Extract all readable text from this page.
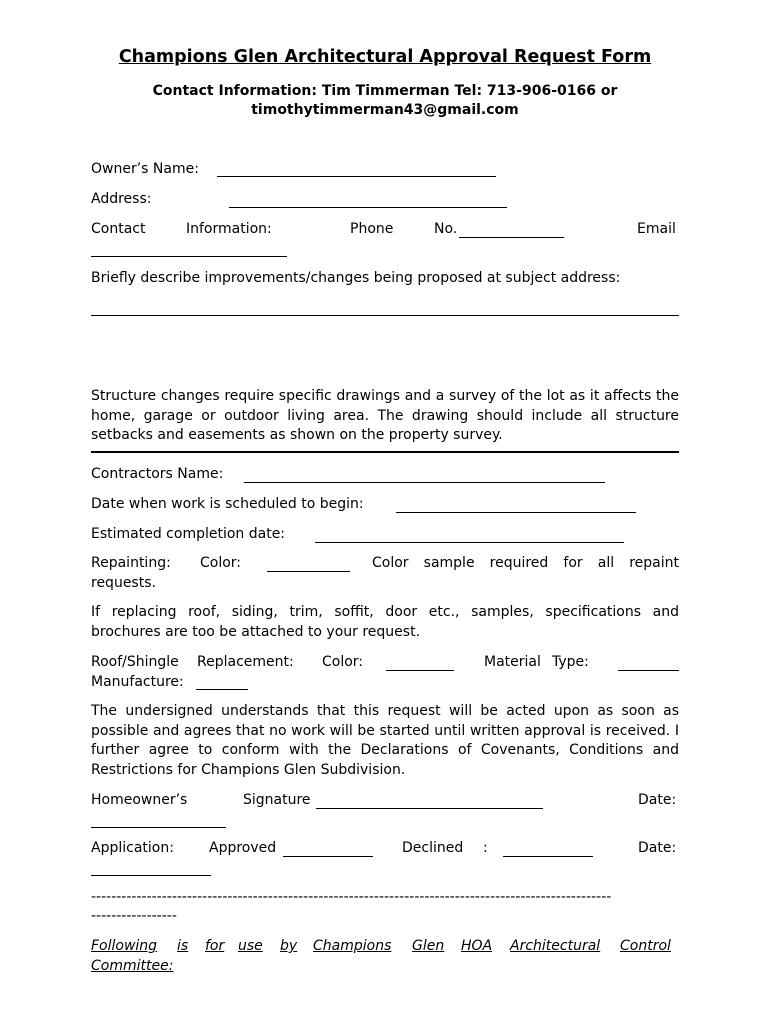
Champions Glen Architectural Approval Request Form
Contact Information: Tim Timmerman Tel: 713-906-0166 or
timothytimmerman43@gmail.com
Owner’s Name:
Address:
Contact	Information:	Phone	No.	Email
Briefly describe improvements/changes being proposed at subject address:
Structure changes require specific drawings and a survey of the lot as it affects the home, garage or outdoor living area. The drawing should include all structure setbacks and easements as shown on the property survey.
Contractors Name:
Date when work is scheduled to begin:
Estimated completion date:
Repainting: Color:	Color sample required for all repaint
requests.
If replacing roof, siding, trim, soffit, door etc., samples, specifications and brochures are too be attached to your request.
Roof/Shingle Replacement: Color:	Material Type:
Manufacture:
The undersigned understands that this request will be acted upon as soon as possible and agrees that no work will be started until written approval is received. I further agree to conform with the Declarations of Covenants, Conditions and Restrictions for Champions Glen Subdivision.
Homeowner’s	Signature	Date:
Application:	Approved	Declined :	Date:
-------------------------------------------------------------------------------------------------------
-----------------
Following is for use by Champions Glen HOA Architectural Control
Committee:
